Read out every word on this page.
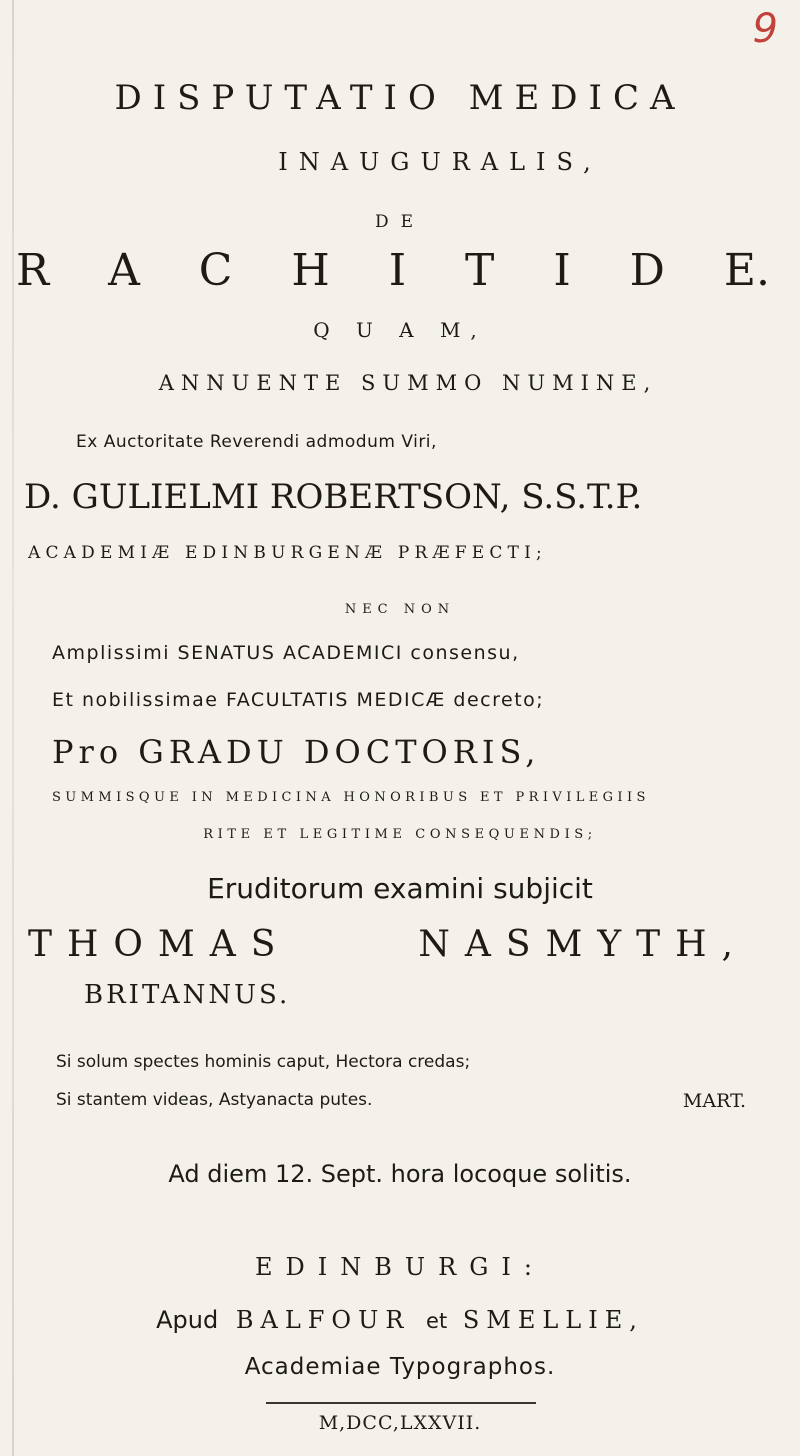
9
DISPUTATIO MEDICA
INAUGURALIS,
DE
R A C H I T I D E.
Q U A M,
ANNUENTE SUMMO NUMINE,
Ex Auctoritate Reverendi admodum Viri,
D. GULIELMI ROBERTSON, S.S.T.P.
ACADEMIÆ EDINBURGENÆ PRÆFECTI;
NEC NON
Amplissimi SENATUS ACADEMICI consensu,
Et nobilissimae FACULTATIS MEDICÆ decreto;
Pro GRADU DOCTORIS,
SUMMISQUE IN MEDICINA HONORIBUS ET PRIVILEGIIS
RITE ET LEGITIME CONSEQUENDIS;
Eruditorum examini subjicit
THOMAS	NASMYTH,
BRITANNUS.
Si solum spectes hominis caput, Hectora credas;
Si stantem videas, Astyanacta putes.	MART.
Ad diem 12. Sept. hora locoque solitis.
EDINBURGI:
Apud BALFOUR et SMELLIE,
Academiae Typographos.
M,DCC,LXXVII.
